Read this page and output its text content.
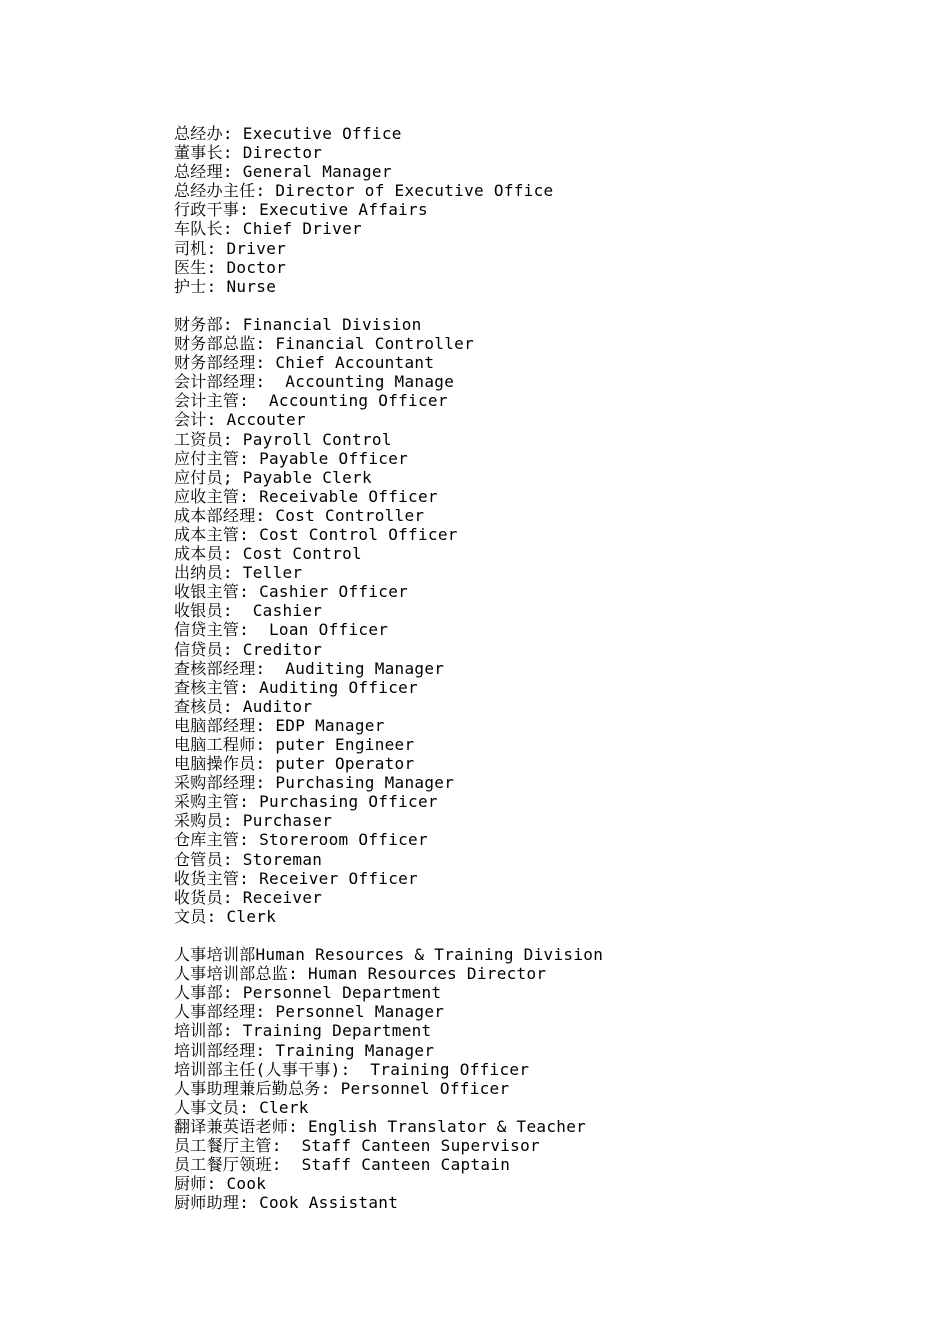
总经办: Executive Office
董事长: Director
总经理: General Manager
总经办主任: Director of Executive Office
行政干事: Executive Affairs
车队长: Chief Driver
司机: Driver
医生: Doctor
护士: Nurse
财务部: Financial Division
财务部总监: Financial Controller
财务部经理: Chief Accountant
会计部经理:  Accounting Manage
会计主管:  Accounting Officer
会计: Accouter
工资员: Payroll Control
应付主管: Payable Officer
应付员; Payable Clerk
应收主管: Receivable Officer
成本部经理: Cost Controller
成本主管: Cost Control Officer
成本员: Cost Control
出纳员: Teller
收银主管: Cashier Officer
收银员:  Cashier
信贷主管:  Loan Officer
信贷员: Creditor
查核部经理:  Auditing Manager
查核主管: Auditing Officer
查核员: Auditor
电脑部经理: EDP Manager
电脑工程师: puter Engineer
电脑操作员: puter Operator
采购部经理: Purchasing Manager
采购主管: Purchasing Officer
采购员: Purchaser
仓库主管: Storeroom Officer
仓管员: Storeman
收货主管: Receiver Officer
收货员: Receiver
文员: Clerk
人事培训部Human Resources & Training Division
人事培训部总监: Human Resources Director
人事部: Personnel Department
人事部经理: Personnel Manager
培训部: Training Department
培训部经理: Training Manager
培训部主任(人事干事):  Training Officer
人事助理兼后勤总务: Personnel Officer
人事文员: Clerk
翻译兼英语老师: English Translator & Teacher
员工餐厅主管:  Staff Canteen Supervisor
员工餐厅领班:  Staff Canteen Captain
厨师: Cook
厨师助理: Cook Assistant
